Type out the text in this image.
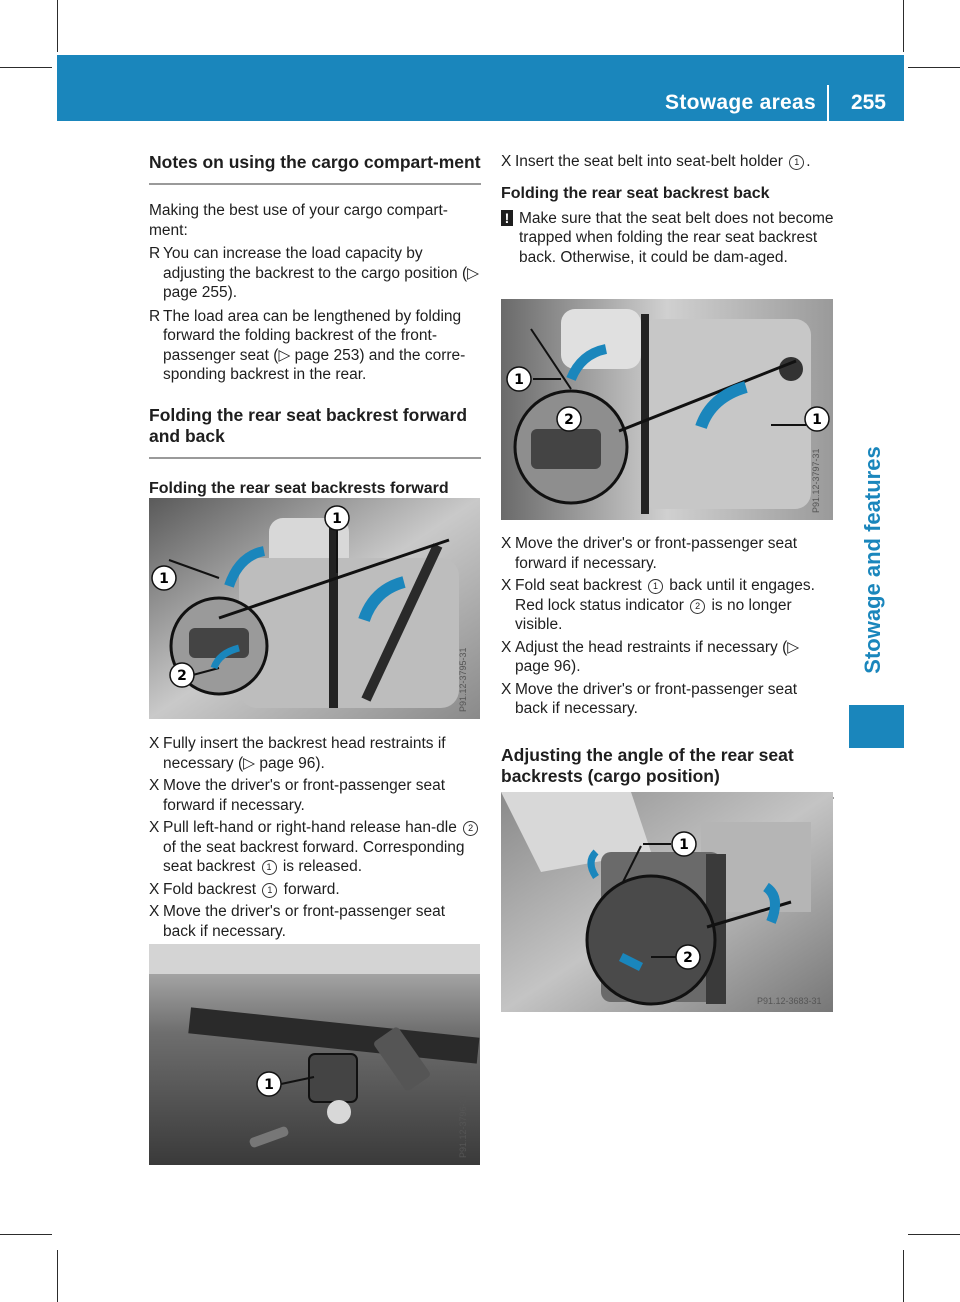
Stowage areas 255
Stowage and features
Notes on using the cargo compart-ment

Making the best use of your cargo compart-ment:

R You can increase the load capacity by adjusting the backrest to the cargo position (▷ page 255).
R The load area can be lengthened by folding forward the folding backrest of the front-passenger seat (▷ page 253) and the corre-sponding backrest in the rear.
Folding the rear seat backrest forward and back
Folding the rear seat backrests forward
1
1
2	P91.12-3795-31
X Fully insert the backrest head restraints if necessary (▷ page 96).
X Move the driver's or front-passenger seat forward if necessary.
X Pull left-hand or right-hand release han-dle 2 of the seat backrest forward. Corresponding seat backrest 1 is released.
X Fold backrest 1 forward.
X Move the driver's or front-passenger seat back if necessary.
1
P91.12-3796-31
X Insert the seat belt into seat-belt holder 1 .
Folding the rear seat backrest back
! Make sure that the seat belt does not become trapped when folding the rear seat backrest back. Otherwise, it could be dam-aged.
1
1
2
P91.12-3797-31
X Move the driver's or front-passenger seat forward if necessary.
X Fold seat backrest 1 back until it engages. Red lock status indicator 2 is no longer visible.
X Adjust the head restraints if necessary (▷ page 96).
X Move the driver's or front-passenger seat back if necessary.
Adjusting the angle of the rear seat backrests (cargo position)
1
2
P91.12-3683-31
